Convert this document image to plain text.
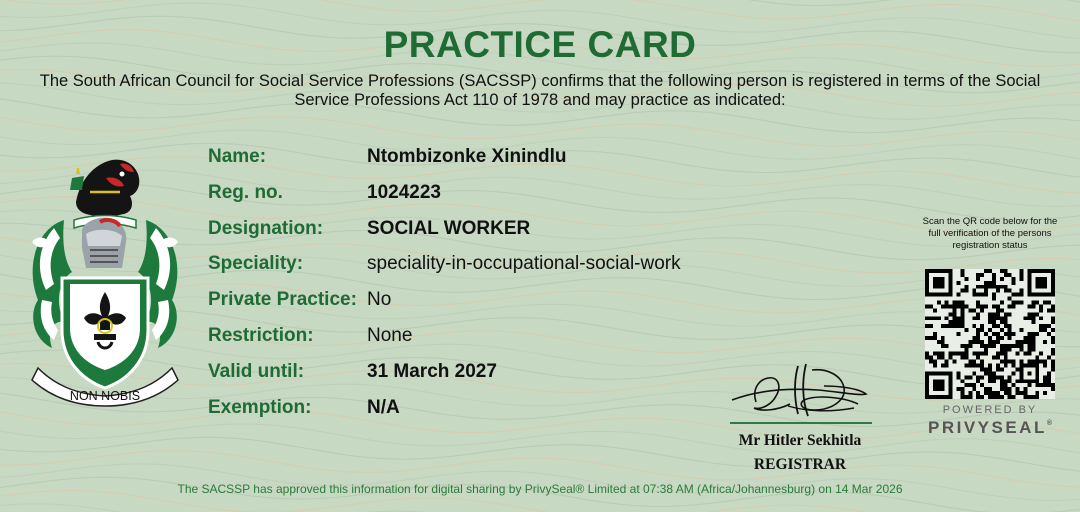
PRACTICE CARD
The South African Council for Social Service Professions (SACSSP) confirms that the following person is registered in terms of the Social Service Professions Act 110 of 1978 and may practice as indicated:
NON NOBIS
Name:	Ntombizonke Xinindlu
Reg. no.	1024223
Designation: SOCIAL WORKER
Speciality:	speciality-in-occupational-social-work
Private Practice: No
Restriction:	None
Valid until:	31 March 2027
Exemption:	N/A
Mr Hitler Sekhitla
REGISTRAR
Scan the QR code below for the full verification of the persons registration status
POWERED BY
PRIVYSEAL®
The SACSSP has approved this information for digital sharing by PrivySeal® Limited at 07:38 AM (Africa/Johannesburg) on 14 Mar 2026
